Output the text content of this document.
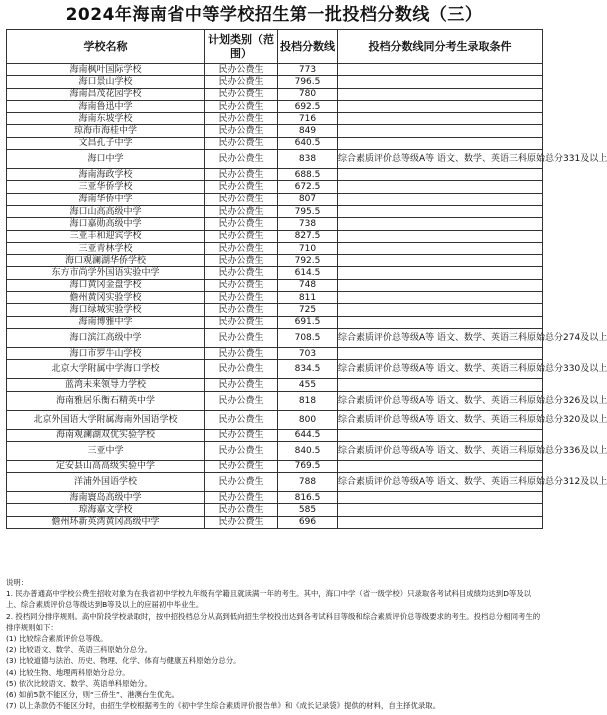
2024年海南省中等学校招生第一批投档分数线（三）
学校名称	计划类别（范围）	投档分数线	投档分数线同分考生录取条件
海南枫叶国际学校	民办公费生	773	
海口景山学校	民办公费生	796.5	
海南昌茂花园学校	民办公费生	780	
海南鲁迅中学	民办公费生	692.5	
海南东坡学校	民办公费生	716	
琼海市海桂中学	民办公费生	849	
文昌孔子中学	民办公费生	640.5	
海口中学	民办公费生	838	综合素质评价总等级A等 语文、数学、英语三科原始总分331及以上
海南海政学校	民办公费生	688.5	
三亚华侨学校	民办公费生	672.5	
海南华侨中学	民办公费生	807	
海口山高高级中学	民办公费生	795.5	
海口嘉勋高级中学	民办公费生	738	
三亚丰和迎宾学校	民办公费生	827.5	
三亚青林学校	民办公费生	710	
海口观澜湖华侨学校	民办公费生	792.5	
东方市尚学外国语实验中学	民办公费生	614.5	
海口黄冈金盘学校	民办公费生	748	
儋州黄冈实验学校	民办公费生	811	
海口绿城实验学校	民办公费生	725	
海南博雅中学	民办公费生	691.5	
海口滨江高级中学	民办公费生	708.5	综合素质评价总等级A等 语文、数学、英语三科原始总分274及以上
海口市罗牛山学校	民办公费生	703	
北京大学附属中学海口学校	民办公费生	834.5	综合素质评价总等级A等 语文、数学、英语三科原始总分330及以上
蓝湾未来领导力学校	民办公费生	455	
海南雅居乐衡石精英中学	民办公费生	818	综合素质评价总等级A等 语文、数学、英语三科原始总分326及以上
北京外国语大学附属海南外国语学校	民办公费生	800	综合素质评价总等级A等 语文、数学、英语三科原始总分320及以上
海南观澜湖双优实验学校	民办公费生	644.5	
三亚中学	民办公费生	840.5	综合素质评价总等级A等 语文、数学、英语三科原始总分336及以上
定安县山高高级实验中学	民办公费生	769.5	
洋浦外国语学校	民办公费生	788	综合素质评价总等级A等 语文、数学、英语三科原始总分312及以上
海南寰岛高级中学	民办公费生	816.5	
琼海嘉文学校	民办公费生	585	
儋州环新英湾黄冈高级中学	民办公费生	696	
说明：
1. 民办普通高中学校公费生招收对象为在我省初中学校九年级有学籍且就读满一年的考生。其中，海口中学（省一级学校）只录取各考试科目成绩均达到D等及以上、综合素质评价总等级达到B等及以上的应届初中毕业生。
2. 投档同分排序规则。高中阶段学校录取时，按中招投档总分从高到低向招生学校投出达到各考试科目等级和综合素质评价总等级要求的考生。投档总分相同考生的排序规则如下：
(1) 比较综合素质评价总等级。
(2) 比较语文、数学、英语三科原始分总分。
(3) 比较道德与法治、历史、物理、化学、体育与健康五科原始分总分。
(4) 比较生物、地理两科原始分总分。
(5) 依次比较语文、数学、英语单科原始分。
(6) 如前5款不能区分，则“三侨生”、港澳台生优先。
(7) 以上条款仍不能区分时，由招生学校根据考生的《初中学生综合素质评价报告单》和《成长记录袋》提供的材料，自主择优录取。
